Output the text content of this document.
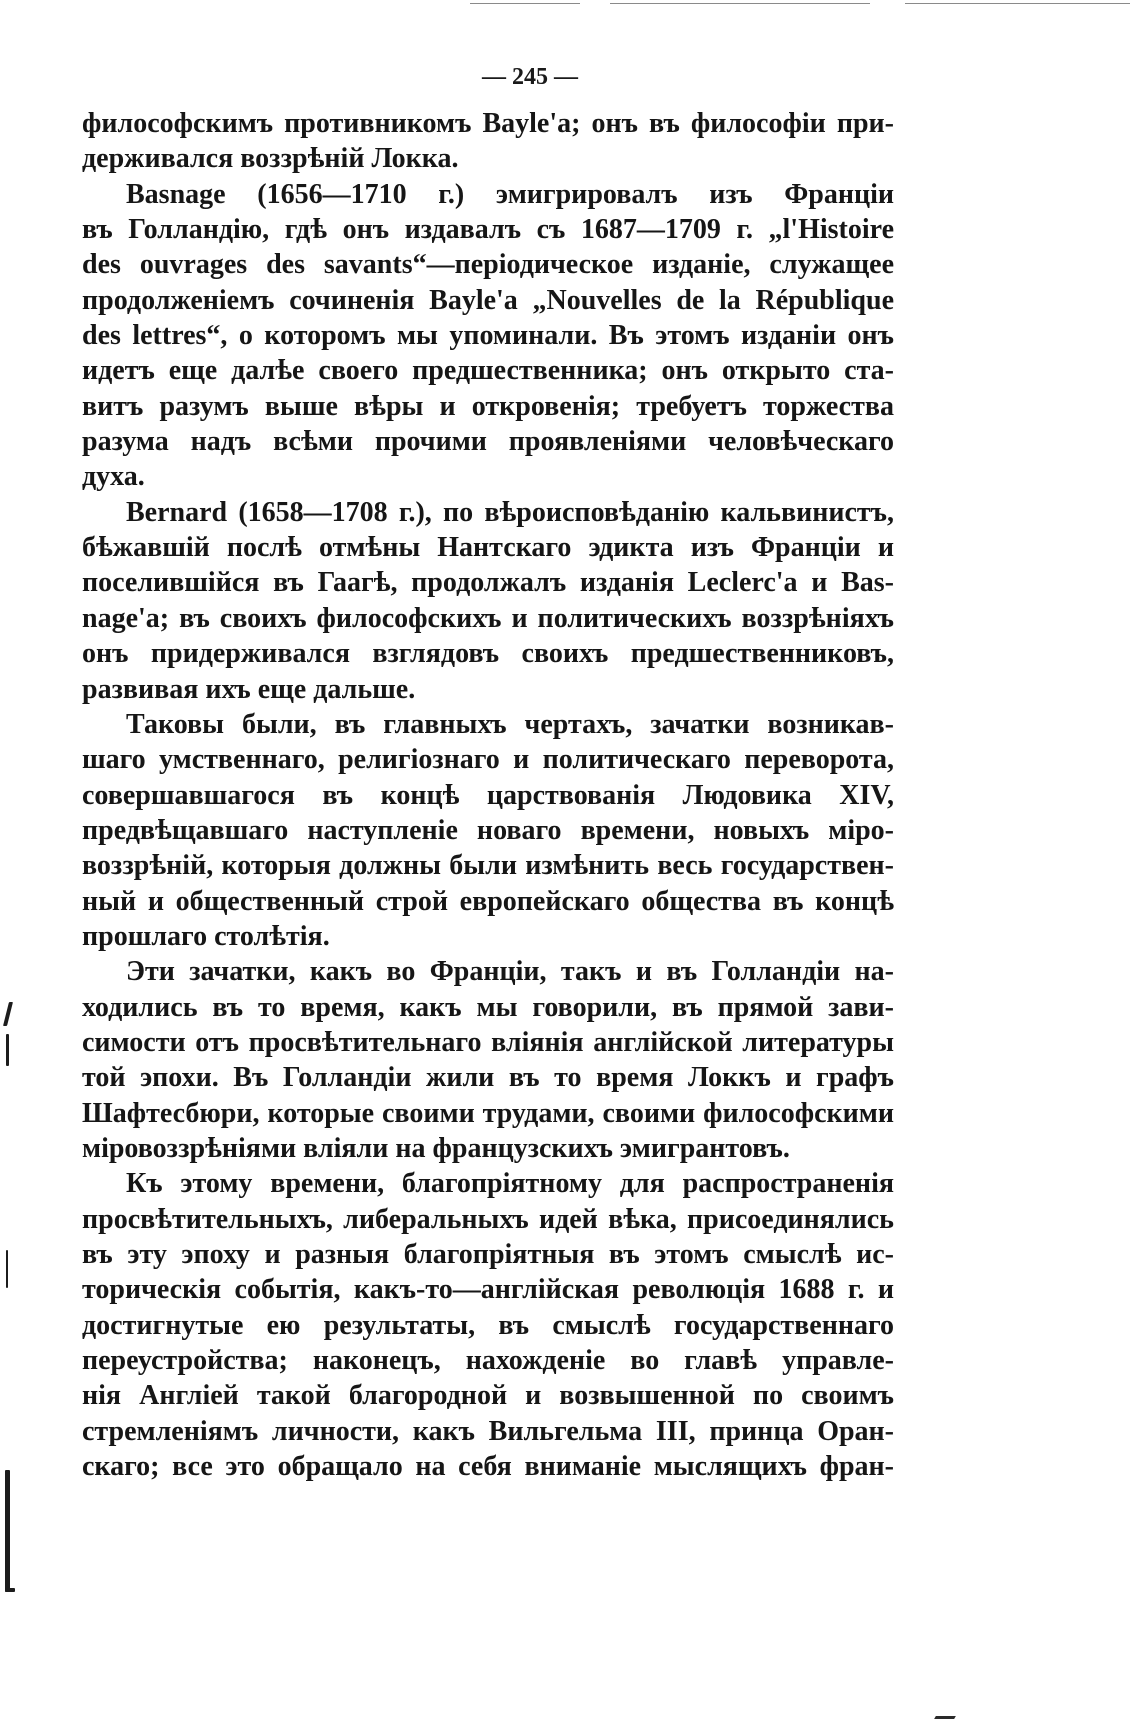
— 245 —
философскимъ противникомъ Bayle'а; онъ въ философіи при-
держивался воззрѣній Локка.
Basnage (1656—1710 г.) эмигрировалъ изъ Франціи
въ Голландію, гдѣ онъ издавалъ съ 1687—1709 г. „l'Histoire
des ouvrages des savants“—періодическое изданіе, служащее
продолженіемъ сочиненія Bayle'а „Nouvelles de la République
des lettres“, о которомъ мы упоминали. Въ этомъ изданіи онъ
идетъ еще далѣе своего предшественника; онъ открыто ста-
витъ разумъ выше вѣры и откровенія; требуетъ торжества
разума надъ всѣми прочими проявленіями человѣческаго
духа.
Bernard (1658—1708 г.), по вѣроисповѣданію кальвинистъ,
бѣжавшій послѣ отмѣны Нантскаго эдикта изъ Франціи и
поселившійся въ Гаагѣ, продолжалъ изданія Leclerc'а и Bas-
nage'а; въ своихъ философскихъ и политическихъ воззрѣніяхъ
онъ придерживался взглядовъ своихъ предшественниковъ,
развивая ихъ еще дальше.
Таковы были, въ главныхъ чертахъ, зачатки возникав-
шаго умственнаго, религіознаго и политическаго переворота,
совершавшагося въ концѣ царствованія Людовика XIV,
предвѣщавшаго наступленіе новаго времени, новыхъ міро-
воззрѣній, которыя должны были измѣнить весь государствен-
ный и общественный строй европейскаго общества въ концѣ
прошлаго столѣтія.
Эти зачатки, какъ во Франціи, такъ и въ Голландіи на-
ходились въ то время, какъ мы говорили, въ прямой зави-
симости отъ просвѣтительнаго вліянія англійской литературы
той эпохи. Въ Голландіи жили въ то время Локкъ и графъ
Шафтесбюри, которые своими трудами, своими философскими
міровоззрѣніями вліяли на французскихъ эмигрантовъ.
Къ этому времени, благопріятному для распространенія
просвѣтительныхъ, либеральныхъ идей вѣка, присоединялись
въ эту эпоху и разныя благопріятныя въ этомъ смыслѣ ис-
торическія событія, какъ-то—англійская революція 1688 г. и
достигнутые ею результаты, въ смыслѣ государственнаго
переустройства; наконецъ, нахожденіе во главѣ управле-
нія Англіей такой благородной и возвышенной по своимъ
стремленіямъ личности, какъ Вильгельма III, принца Оран-
скаго; все это обращало на себя вниманіе мыслящихъ фран-
